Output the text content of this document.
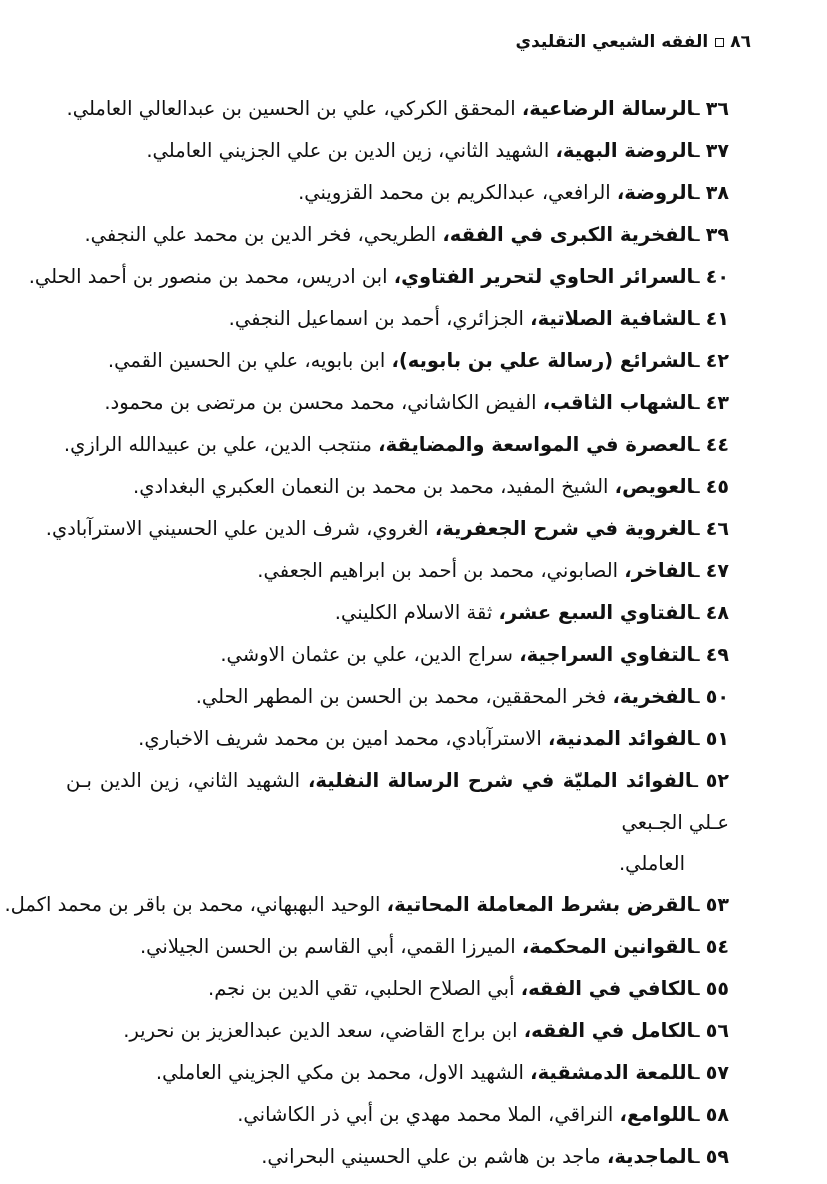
٨٦
الفقه الشيعي التقليدي
٣٦ ـالرسالة الرضاعية، المحقق الكركي، علي بن الحسين بن عبدالعالي العاملي.
٣٧ ـالروضة البهية، الشهيد الثاني، زين الدين بن علي الجزيني العاملي.
٣٨ ـالروضة، الرافعي، عبدالكريم بن محمد القزويني.
٣٩ ـالفخرية الكبرى في الفقه، الطريحي، فخر الدين بن محمد علي النجفي.
٤٠ ـالسرائر الحاوي لتحرير الفتاوي، ابن ادريس، محمد بن منصور بن أحمد الحلي.
٤١ ـالشافية الصلاتية، الجزائري، أحمد بن اسماعيل النجفي.
٤٢ ـالشرائع (رسالة علي بن بابويه)، ابن بابويه، علي بن الحسين القمي.
٤٣ ـالشهاب الثاقب، الفيض الكاشاني، محمد محسن بن مرتضى بن محمود.
٤٤ ـالعصرة في المواسعة والمضايقة، منتجب الدين، علي بن عبيدالله الرازي.
٤٥ ـالعويص، الشيخ المفيد، محمد بن محمد بن النعمان العكبري البغدادي.
٤٦ ـالغروية في شرح الجعفرية، الغروي، شرف الدين علي الحسيني الاسترآبادي.
٤٧ ـالفاخر، الصابوني، محمد بن أحمد بن ابراهيم الجعفي.
٤٨ ـالفتاوي السبع عشر، ثقة الاسلام الكليني.
٤٩ ـالتفاوي السراجية، سراج الدين، علي بن عثمان الاوشي.
٥٠ ـالفخرية، فخر المحققين، محمد بن الحسن بن المطهر الحلي.
٥١ ـالفوائد المدنية، الاسترآبادي، محمد امين بن محمد شريف الاخباري.
٥٢ ـالفوائد المليّة في شرح الرسالة النفلية، الشهيد الثاني، زين الدين بـن عـلي الجـبعي
العاملي.
٥٣ ـالقرض بشرط المعاملة المحاتية، الوحيد البهبهاني، محمد بن باقر بن محمد اكمل.
٥٤ ـالقوانين المحكمة، الميرزا القمي، أبي القاسم بن الحسن الجيلاني.
٥٥ ـالكافي في الفقه، أبي الصلاح الحلبي، تقي الدين بن نجم.
٥٦ ـالكامل في الفقه، ابن براج القاضي، سعد الدين عبدالعزيز بن نحرير.
٥٧ ـاللمعة الدمشقية، الشهيد الاول، محمد بن مكي الجزيني العاملي.
٥٨ ـاللوامع، النراقي، الملا محمد مهدي بن أبي ذر الكاشاني.
٥٩ ـالماجدية، ماجد بن هاشم بن علي الحسيني البحراني.
